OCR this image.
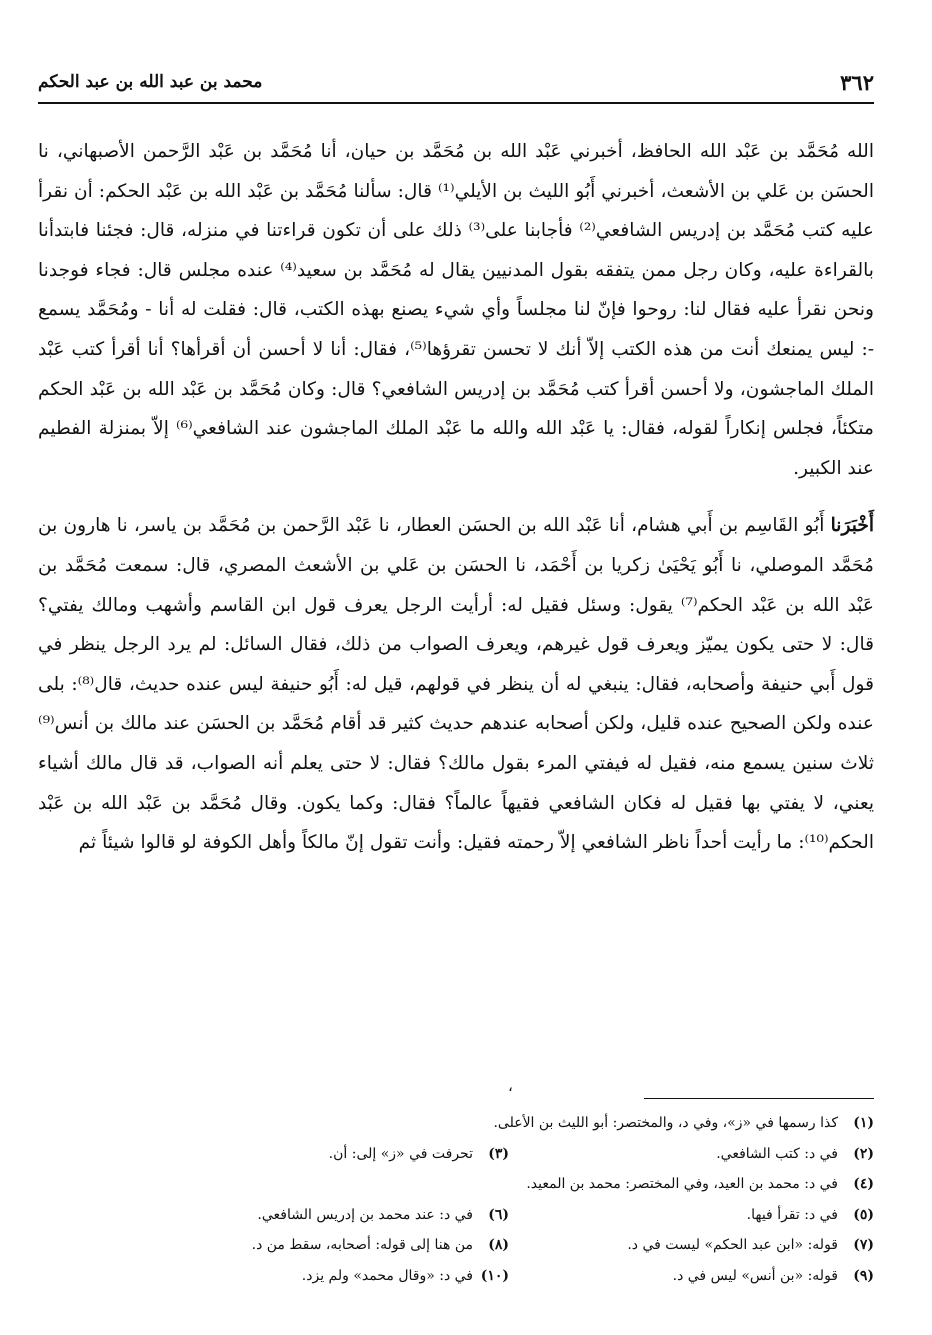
٣٦٢
محمد بن عبد الله بن عبد الحكم

الله مُحَمَّد بن عَبْد الله الحافظ، أخبرني عَبْد الله بن مُحَمَّد بن حيان، أنا مُحَمَّد بن عَبْد الرَّحمن الأصبهاني، نا الحسَن بن عَلي بن الأشعث، أخبرني أَبُو الليث بن الأيلي⁽¹⁾ قال: سألنا مُحَمَّد بن عَبْد الله بن عَبْد الحكم: أن نقرأ عليه كتب مُحَمَّد بن إدريس الشافعي⁽²⁾ فأجابنا على⁽³⁾ ذلك على أن تكون قراءتنا في منزله، قال: فجئنا فابتدأنا بالقراءة عليه، وكان رجل ممن يتفقه بقول المدنيين يقال له مُحَمَّد بن سعيد⁽⁴⁾ عنده مجلس قال: فجاء فوجدنا ونحن نقرأ عليه فقال لنا: روحوا فإنّ لنا مجلساً وأي شيء يصنع بهذه الكتب، قال: فقلت له أنا - ومُحَمَّد يسمع -: ليس يمنعك أنت من هذه الكتب إلاّ أنك لا تحسن تقرؤها⁽⁵⁾، فقال: أنا لا أحسن أن أقرأها؟ أنا أقرأ كتب عَبْد الملك الماجشون، ولا أحسن أقرأ كتب مُحَمَّد بن إدريس الشافعي؟ قال: وكان مُحَمَّد بن عَبْد الله بن عَبْد الحكم متكئاً، فجلس إنكاراً لقوله، فقال: يا عَبْد الله والله ما عَبْد الملك الماجشون عند الشافعي⁽⁶⁾ إلاّ بمنزلة الفطيم عند الكبير.

أَخْبَرَنا أَبُو القَاسِم بن أَبي هشام، أنا عَبْد الله بن الحسَن العطار، نا عَبْد الرَّحمن بن مُحَمَّد بن ياسر، نا هارون بن مُحَمَّد الموصلي، نا أَبُو يَحْيَىٰ زكريا بن أَحْمَد، نا الحسَن بن عَلي بن الأشعث المصري، قال: سمعت مُحَمَّد بن عَبْد الله بن عَبْد الحكم⁽⁷⁾ يقول: وسئل فقيل له: أرأيت الرجل يعرف قول ابن القاسم وأشهب ومالك يفتي؟ قال: لا حتى يكون يميّز ويعرف قول غيرهم، ويعرف الصواب من ذلك، فقال السائل: لم يرد الرجل ينظر في قول أَبي حنيفة وأصحابه، فقال: ينبغي له أن ينظر في قولهم، قيل له: أَبُو حنيفة ليس عنده حديث، قال⁽⁸⁾: بلى عنده ولكن الصحيح عنده قليل، ولكن أصحابه عندهم حديث كثير قد أقام مُحَمَّد بن الحسَن عند مالك بن أنس⁽⁹⁾ ثلاث سنين يسمع منه، فقيل له فيفتي المرء بقول مالك؟ فقال: لا حتى يعلم أنه الصواب، قد قال مالك أشياء يعني، لا يفتي بها فقيل له فكان الشافعي فقيهاً عالماً؟ فقال: وكما يكون. وقال مُحَمَّد بن عَبْد الله بن عَبْد الحكم⁽¹⁰⁾: ما رأيت أحداً ناظر الشافعي إلاّ رحمته فقيل: وأنت تقول إنّ مالكاً وأهل الكوفة لو قالوا شيئاً ثم

،
(١)كذا رسمها في «ز»، وفي د، والمختصر: أبو الليث بن الأعلى.
(٢)في د: كتب الشافعي.
(٣)تحرفت في «ز» إلى: أن.
(٤)في د: محمد بن العيد، وفي المختصر: محمد بن المعيد.
(٥)في د: تقرأ فيها.
(٦)في د: عند محمد بن إدريس الشافعي.
(٧)قوله: «ابن عبد الحكم» ليست في د.
(٨)من هنا إلى قوله: أصحابه، سقط من د.
(٩)قوله: «بن أنس» ليس في د.
(١٠)في د: «وقال محمد» ولم يزد.
